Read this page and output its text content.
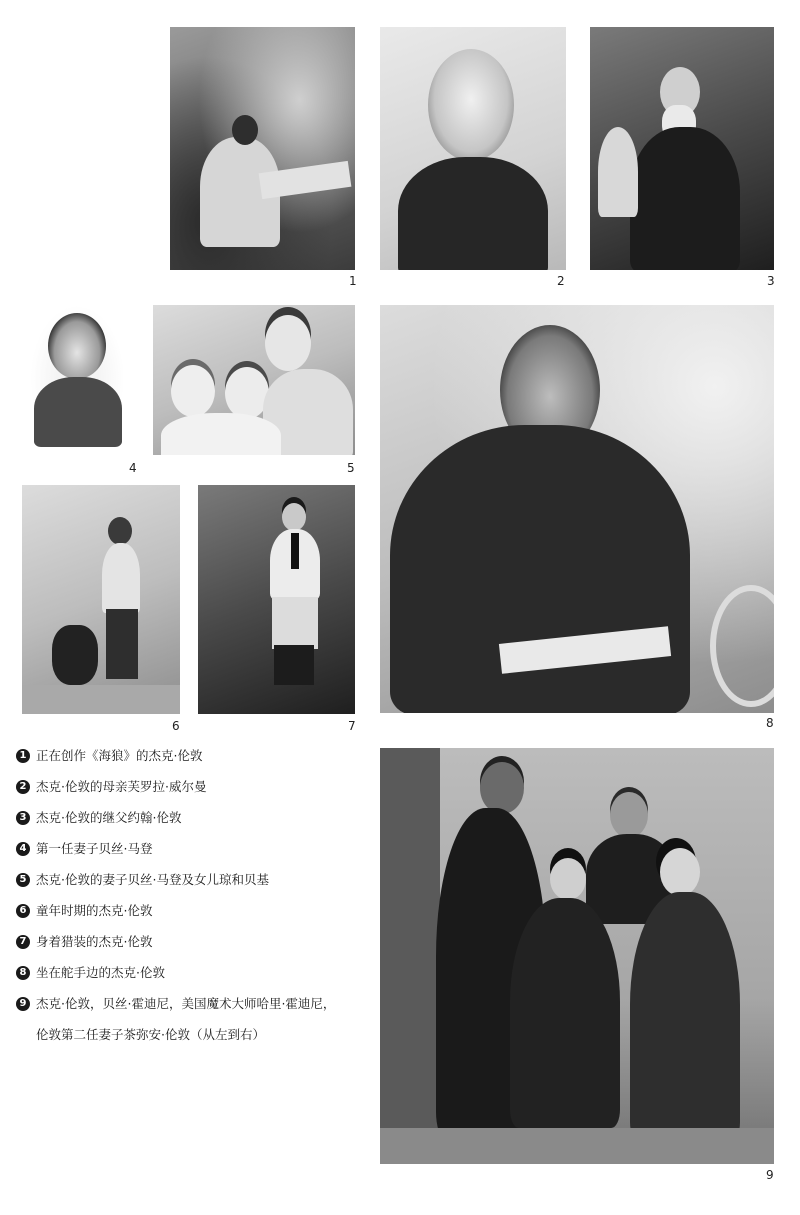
1	2	3
4	5
6	7	8
9
1 正在创作《海狼》的杰克·伦敦
2 杰克·伦敦的母亲芙罗拉·威尔曼
3 杰克·伦敦的继父约翰·伦敦
4 第一任妻子贝丝·马登
5 杰克·伦敦的妻子贝丝·马登及女儿琼和贝基
6 童年时期的杰克·伦敦
7 身着猎装的杰克·伦敦
8 坐在舵手边的杰克·伦敦
9 杰克·伦敦，贝丝·霍迪尼，美国魔术大师哈里·霍迪尼，
伦敦第二任妻子茶弥安·伦敦（从左到右）
